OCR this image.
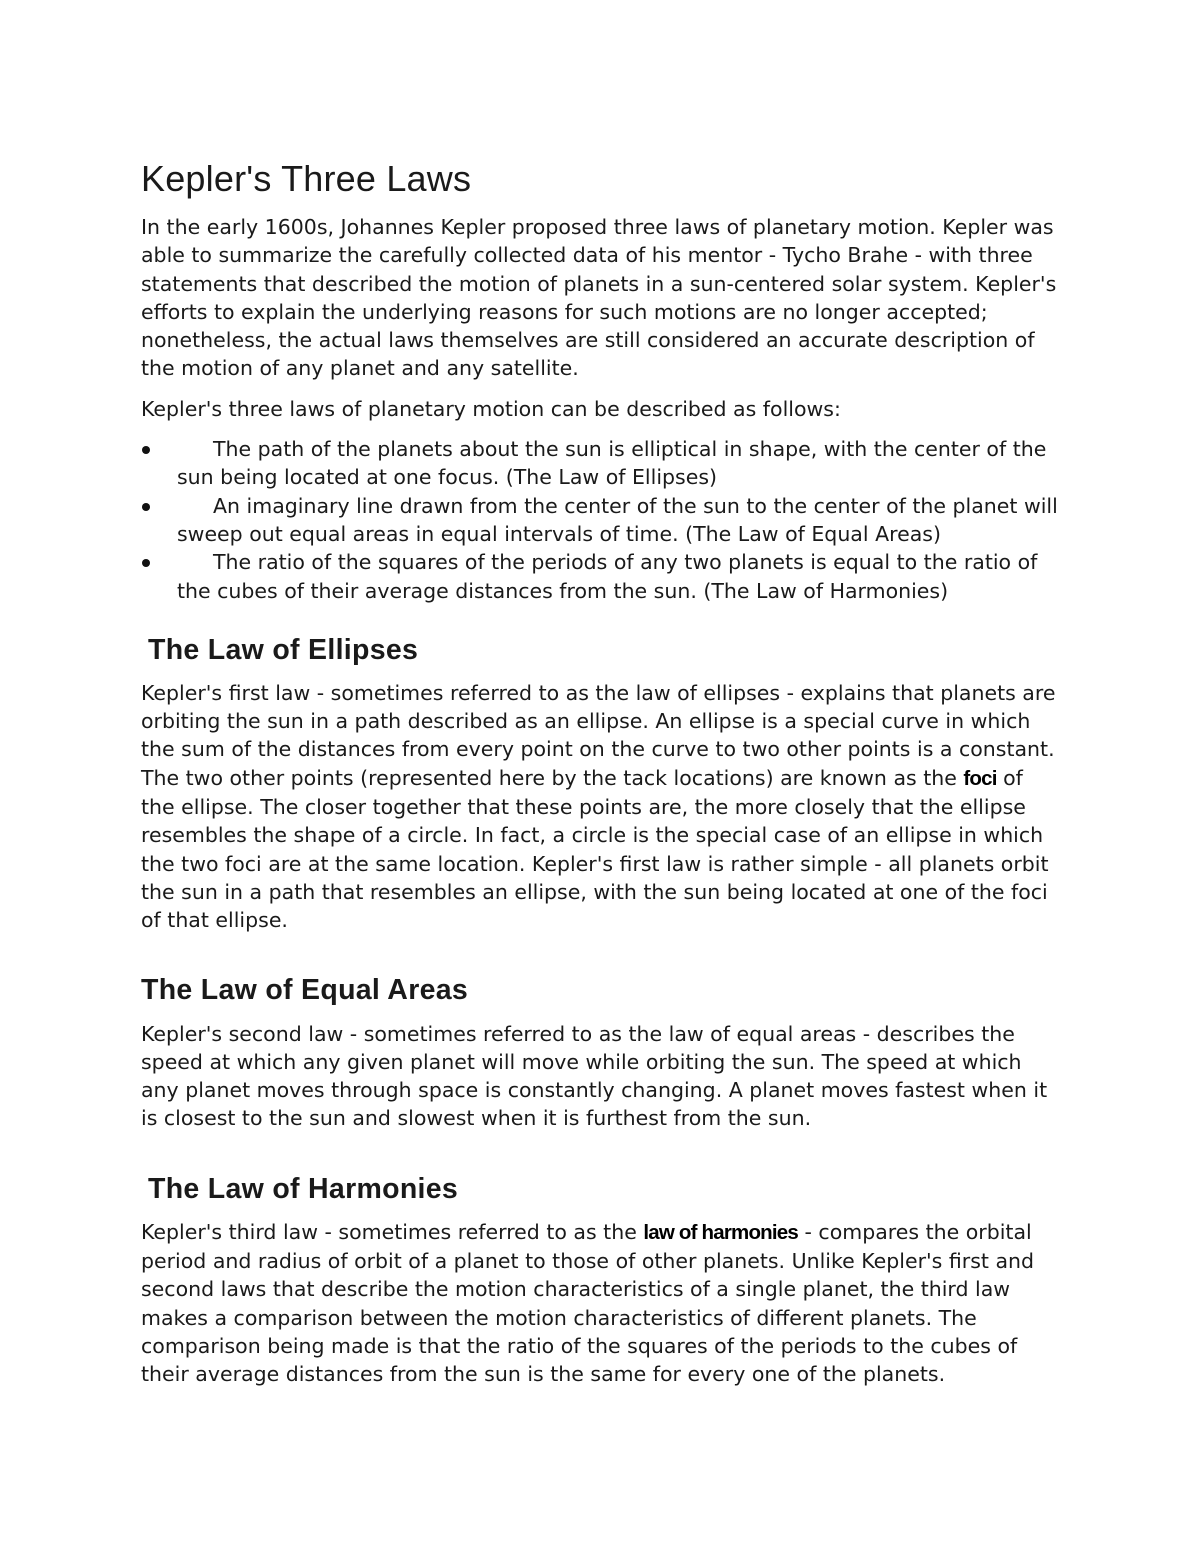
Kepler's Three Laws

In the early 1600s, Johannes Kepler proposed three laws of planetary motion. Kepler was able to summarize the carefully collected data of his mentor - Tycho Brahe - with three statements that described the motion of planets in a sun-centered solar system. Kepler's efforts to explain the underlying reasons for such motions are no longer accepted; nonetheless, the actual laws themselves are still considered an accurate description of the motion of any planet and any satellite.

Kepler's three laws of planetary motion can be described as follows:

The path of the planets about the sun is elliptical in shape, with the center of the sun being located at one focus. (The Law of Ellipses)
An imaginary line drawn from the center of the sun to the center of the planet will sweep out equal areas in equal intervals of time. (The Law of Equal Areas)
The ratio of the squares of the periods of any two planets is equal to the ratio of the cubes of their average distances from the sun. (The Law of Harmonies)
The Law of Ellipses

Kepler's first law - sometimes referred to as the law of ellipses - explains that planets are orbiting the sun in a path described as an ellipse. An ellipse is a special curve in which the sum of the distances from every point on the curve to two other points is a constant. The two other points (represented here by the tack locations) are known as the foci of the ellipse. The closer together that these points are, the more closely that the ellipse resembles the shape of a circle. In fact, a circle is the special case of an ellipse in which the two foci are at the same location. Kepler's first law is rather simple - all planets orbit the sun in a path that resembles an ellipse, with the sun being located at one of the foci of that ellipse.

The Law of Equal Areas

Kepler's second law - sometimes referred to as the law of equal areas - describes the speed at which any given planet will move while orbiting the sun. The speed at which any planet moves through space is constantly changing. A planet moves fastest when it is closest to the sun and slowest when it is furthest from the sun.

The Law of Harmonies

Kepler's third law - sometimes referred to as the law of harmonies - compares the orbital period and radius of orbit of a planet to those of other planets. Unlike Kepler's first and second laws that describe the motion characteristics of a single planet, the third law makes a comparison between the motion characteristics of different planets. The comparison being made is that the ratio of the squares of the periods to the cubes of their average distances from the sun is the same for every one of the planets.
